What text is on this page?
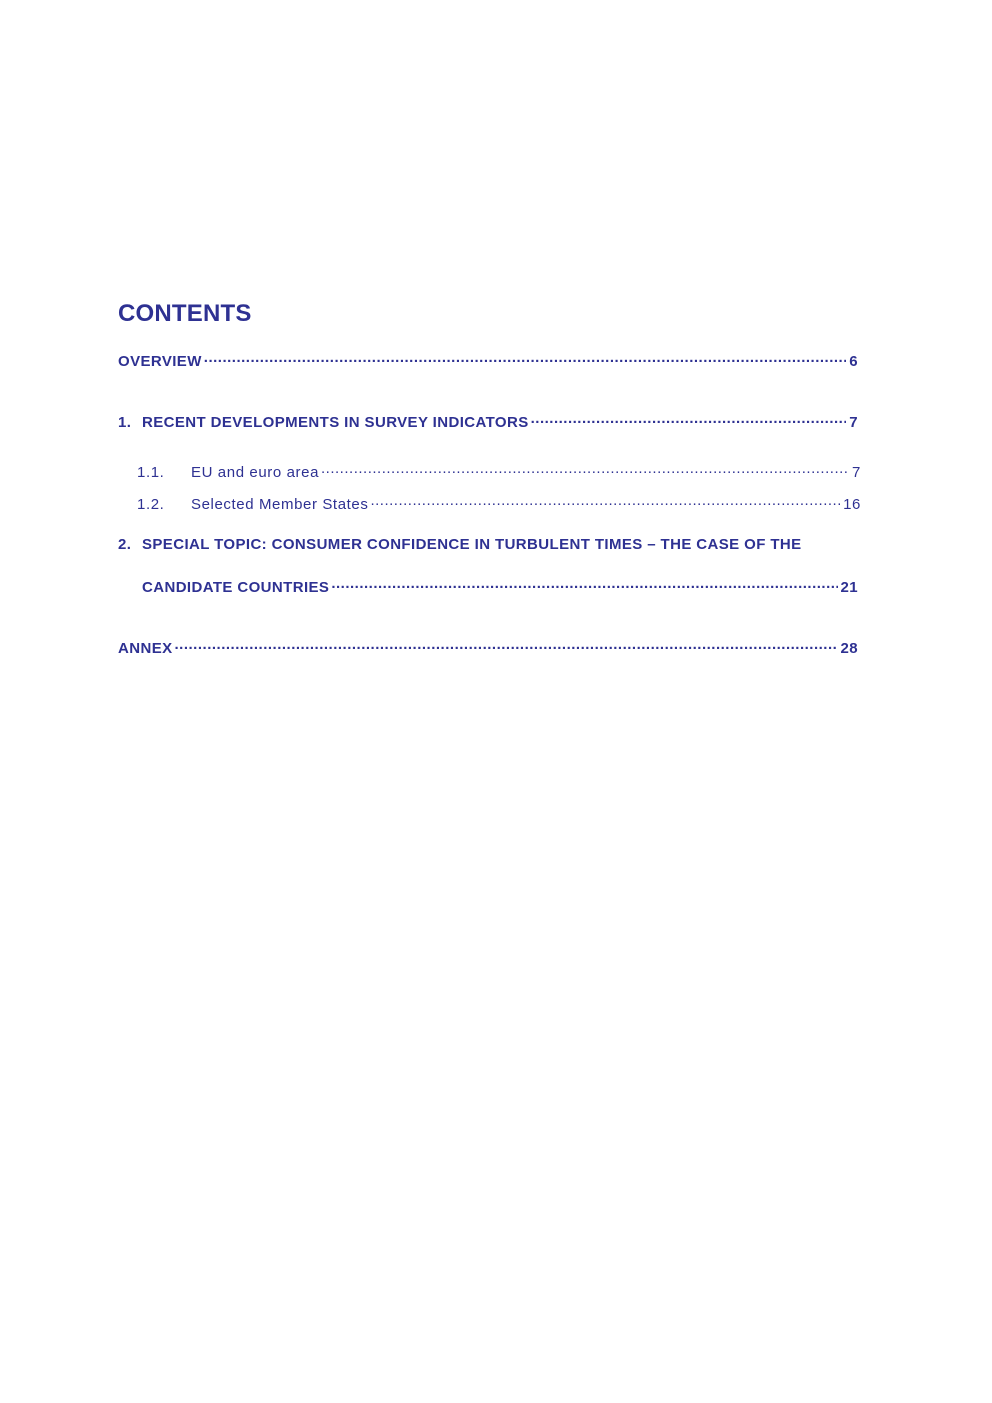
CONTENTS
OVERVIEW .....	6
1. RECENT DEVELOPMENTS IN SURVEY INDICATORS .....	7
1.1.	EU and euro area .....	7
1.2.	Selected Member States .....	16
2. SPECIAL TOPIC: CONSUMER CONFIDENCE IN TURBULENT TIMES – THE CASE OF THE
CANDIDATE COUNTRIES .....	21
ANNEX .....	28
